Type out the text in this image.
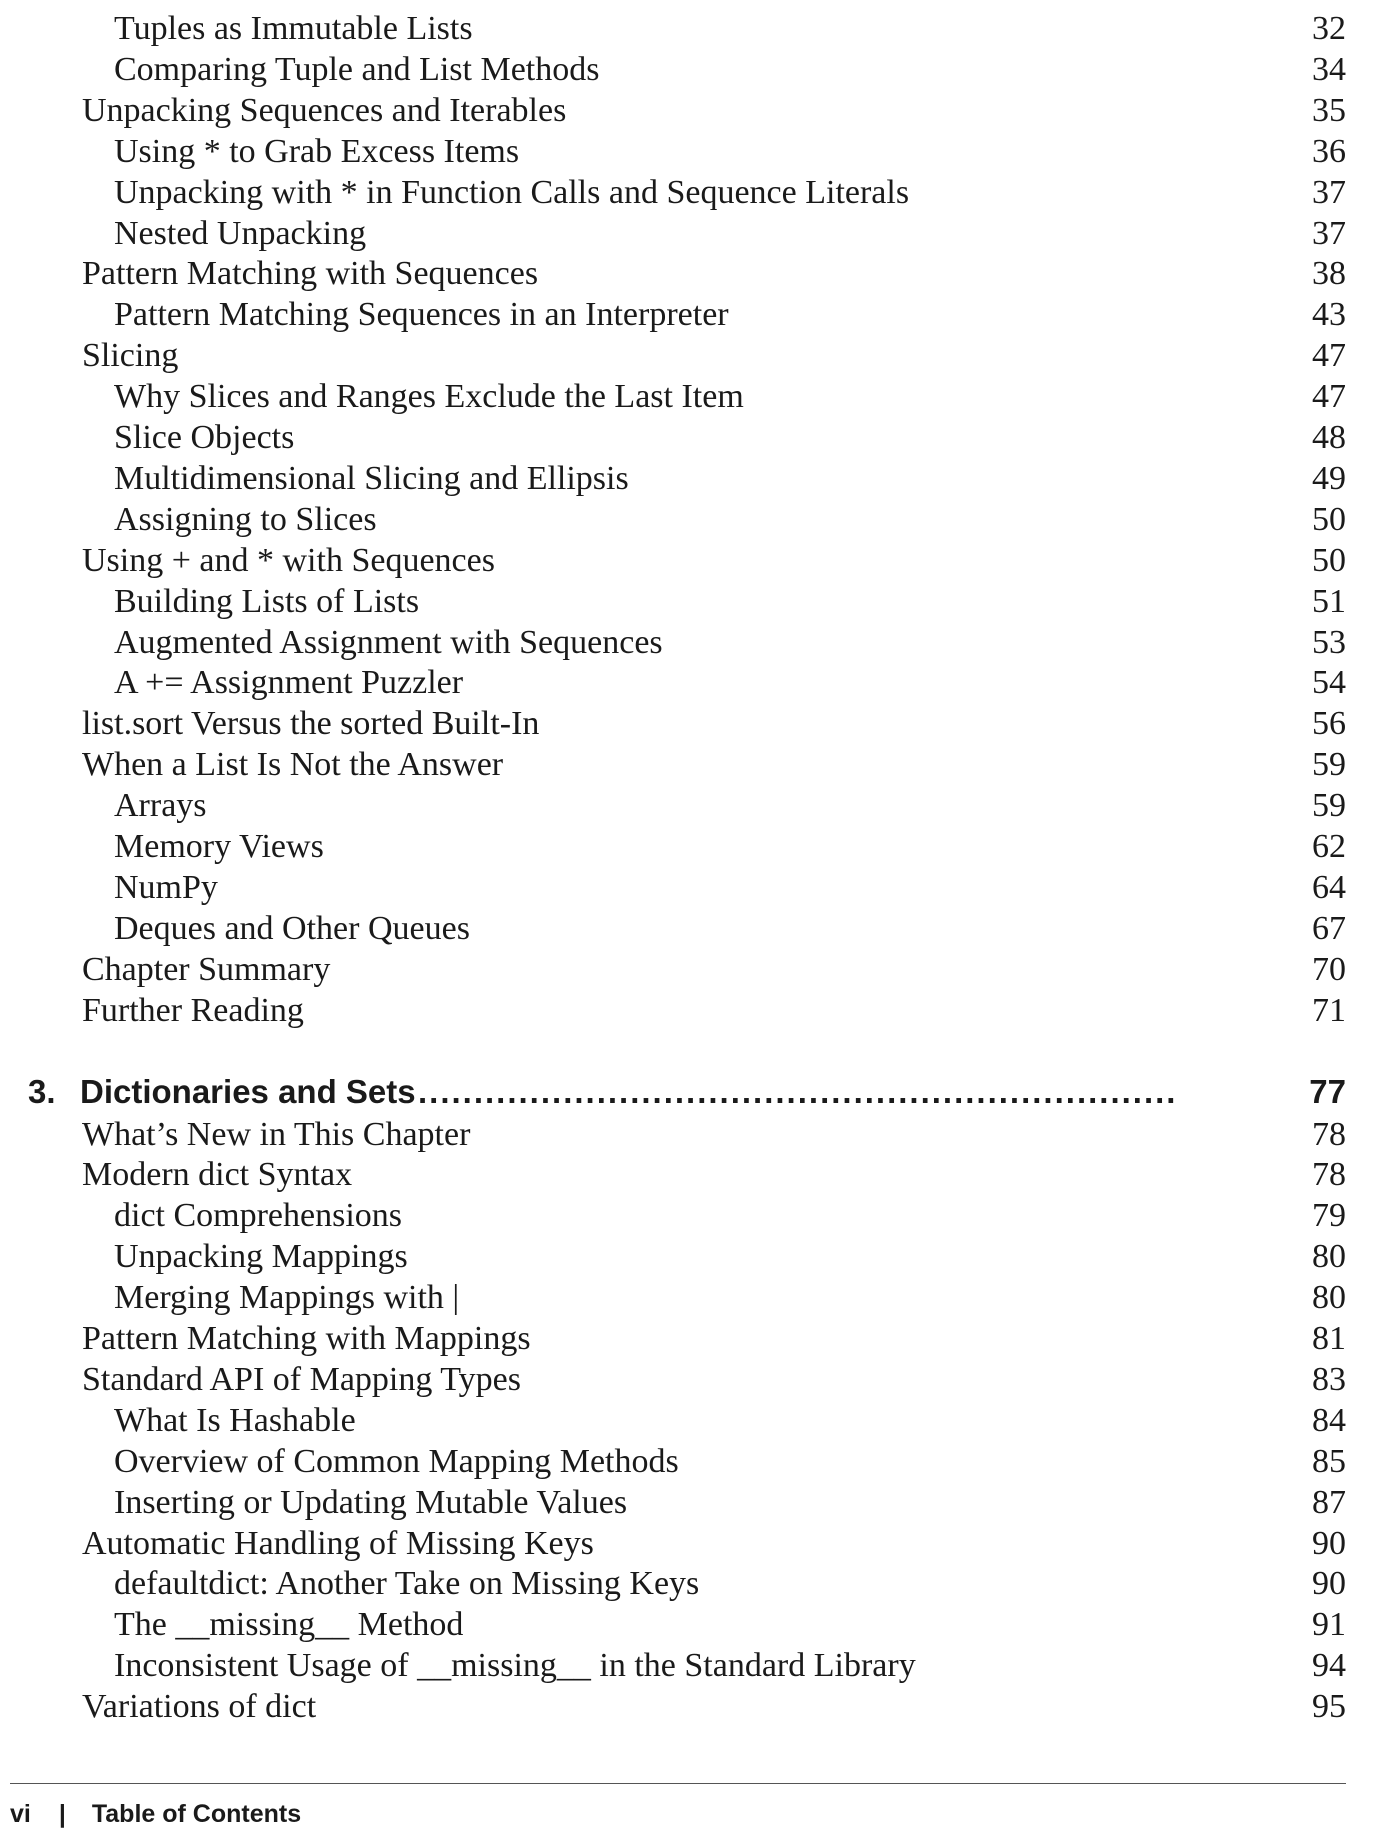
Tuples as Immutable Lists	32
Comparing Tuple and List Methods	34
Unpacking Sequences and Iterables	35
Using * to Grab Excess Items	36
Unpacking with * in Function Calls and Sequence Literals	37
Nested Unpacking	37
Pattern Matching with Sequences	38
Pattern Matching Sequences in an Interpreter	43
Slicing	47
Why Slices and Ranges Exclude the Last Item	47
Slice Objects	48
Multidimensional Slicing and Ellipsis	49
Assigning to Slices	50
Using + and * with Sequences	50
Building Lists of Lists	51
Augmented Assignment with Sequences	53
A += Assignment Puzzler	54
list.sort Versus the sorted Built-In	56
When a List Is Not the Answer	59
Arrays	59
Memory Views	62
NumPy	64
Deques and Other Queues	67
Chapter Summary	70
Further Reading	71
3. Dictionaries and Sets ....................................................................	77
What’s New in This Chapter	78
Modern dict Syntax	78
dict Comprehensions	79
Unpacking Mappings	80
Merging Mappings with |	80
Pattern Matching with Mappings	81
Standard API of Mapping Types	83
What Is Hashable	84
Overview of Common Mapping Methods	85
Inserting or Updating Mutable Values	87
Automatic Handling of Missing Keys	90
defaultdict: Another Take on Missing Keys	90
The __missing__ Method	91
Inconsistent Usage of __missing__ in the Standard Library	94
Variations of dict	95
vi | Table of Contents
